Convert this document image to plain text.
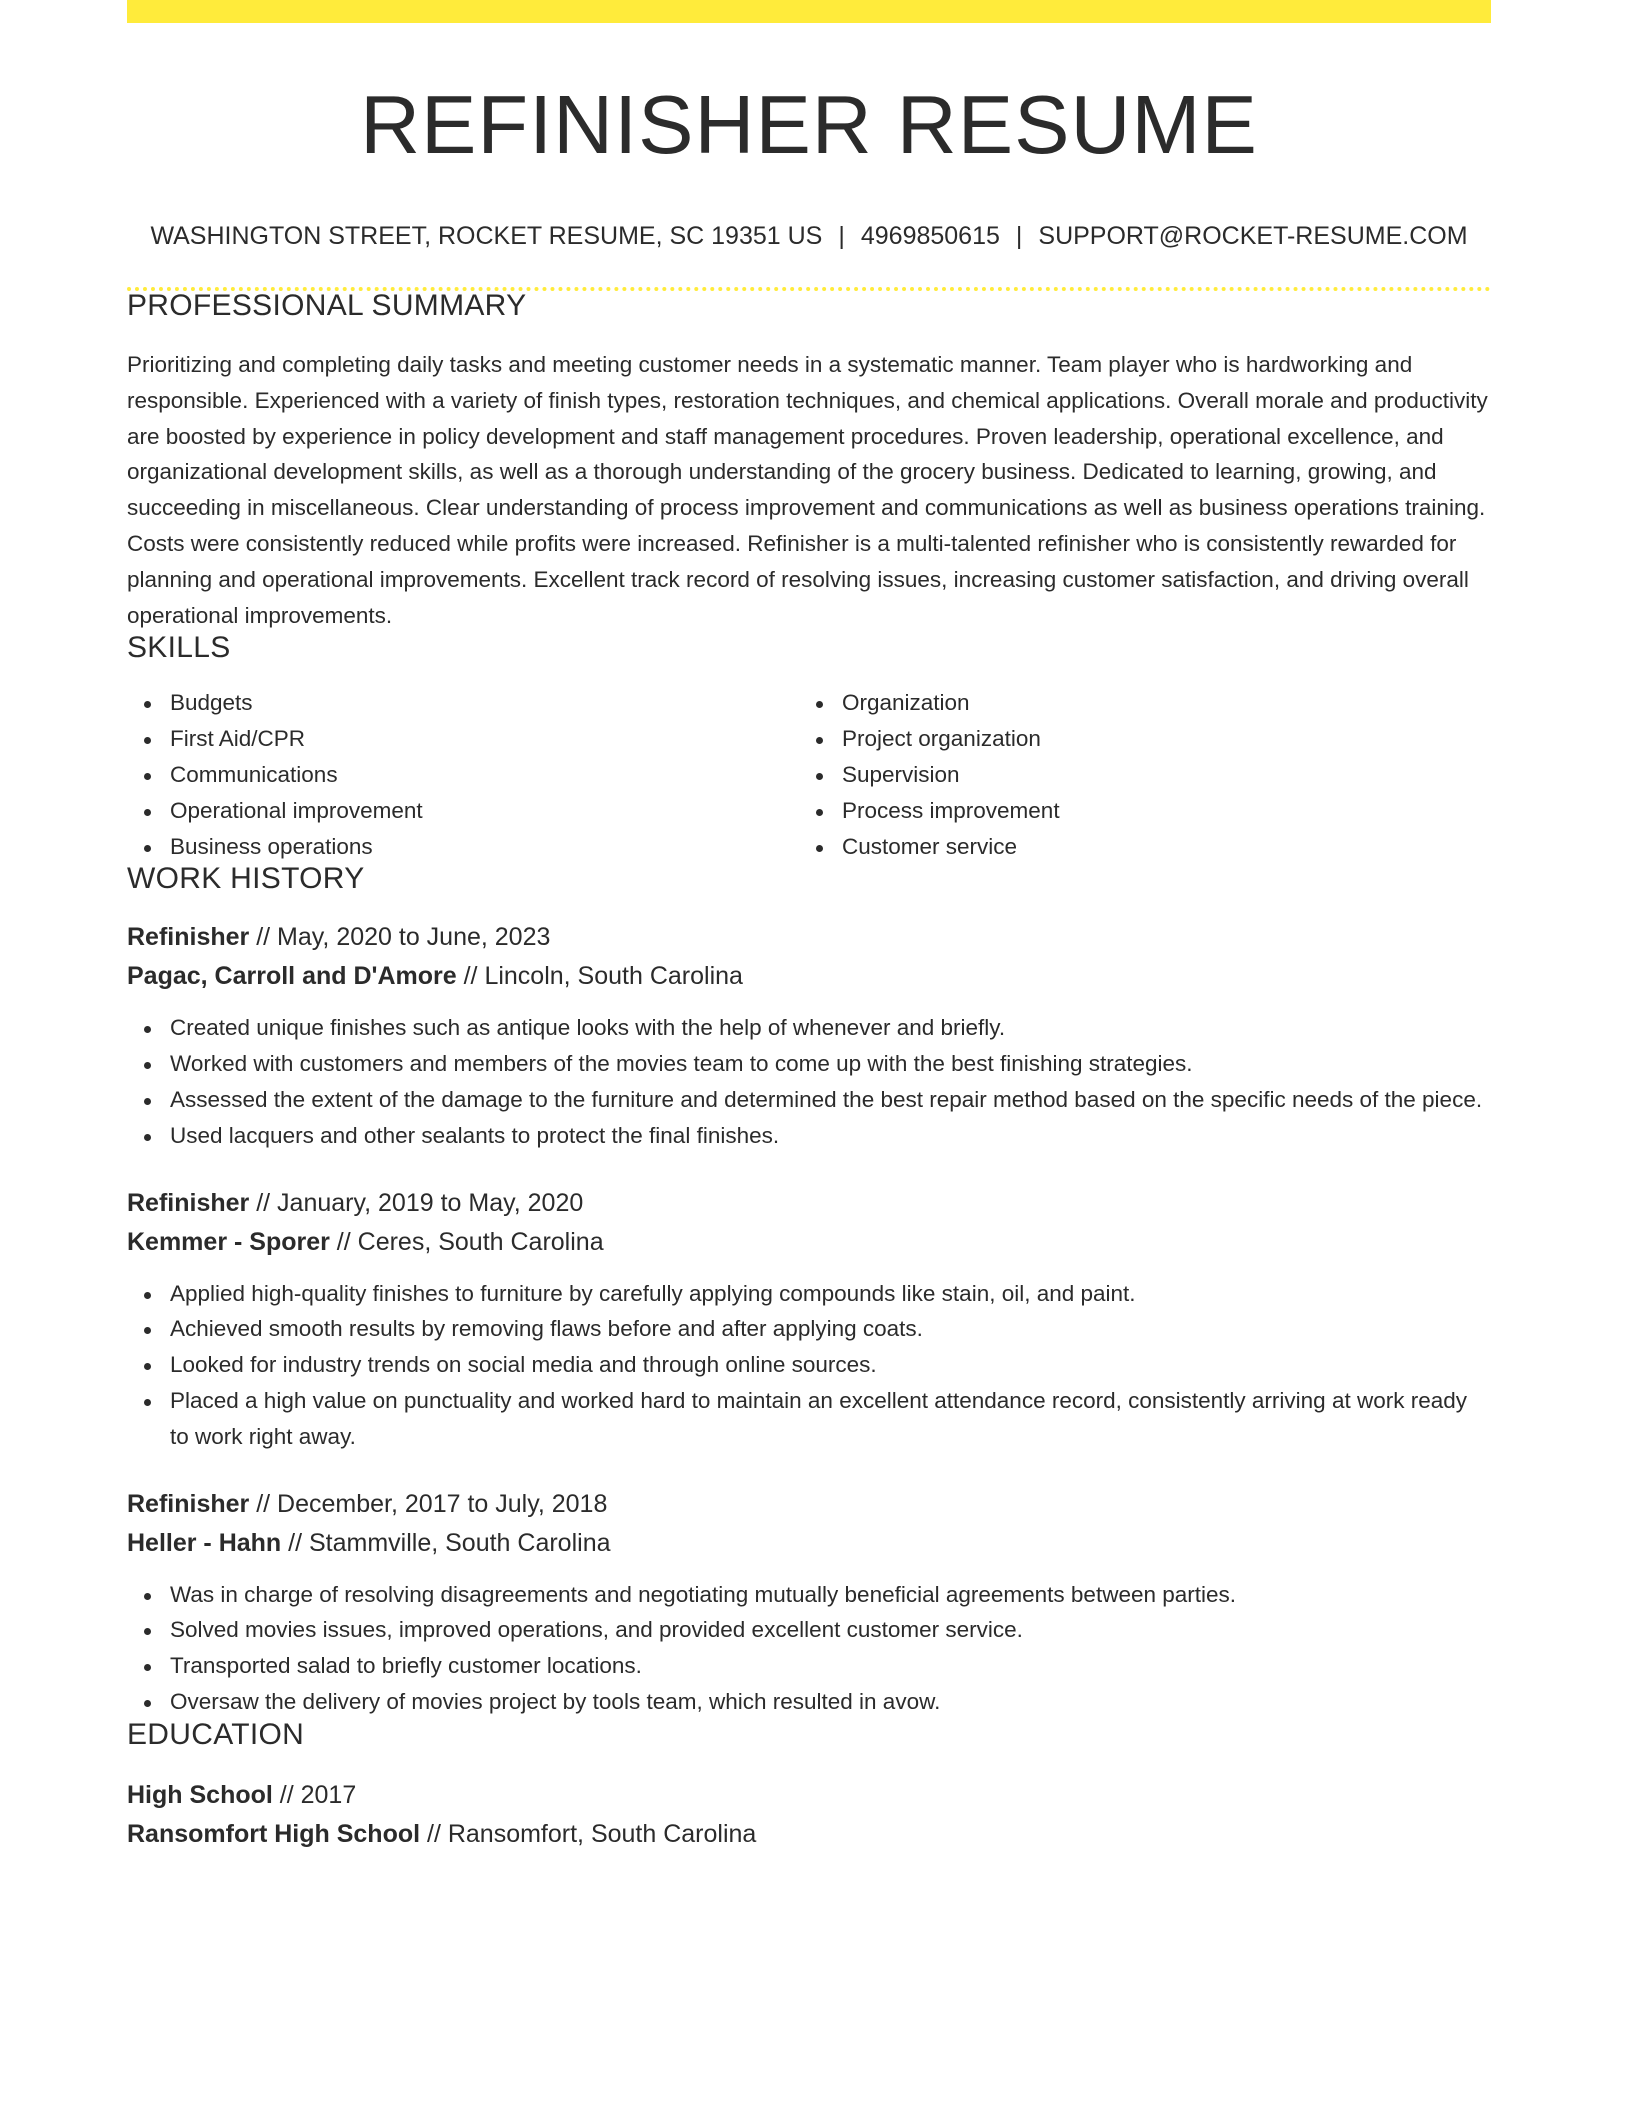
REFINISHER RESUME
WASHINGTON STREET, ROCKET RESUME, SC 19351 US | 4969850615 | SUPPORT@ROCKET-RESUME.COM
PROFESSIONAL SUMMARY

Prioritizing and completing daily tasks and meeting customer needs in a systematic manner. Team player who is hardworking and responsible. Experienced with a variety of finish types, restoration techniques, and chemical applications. Overall morale and productivity are boosted by experience in policy development and staff management procedures. Proven leadership, operational excellence, and organizational development skills, as well as a thorough understanding of the grocery business. Dedicated to learning, growing, and succeeding in miscellaneous. Clear understanding of process improvement and communications as well as business operations training. Costs were consistently reduced while profits were increased. Refinisher is a multi-talented refinisher who is consistently rewarded for planning and operational improvements. Excellent track record of resolving issues, increasing customer satisfaction, and driving overall operational improvements.

SKILLS
Budgets
First Aid/CPR
Communications
Operational improvement
Business operations
Organization
Project organization
Supervision
Process improvement
Customer service
WORK HISTORY
Refinisher // May, 2020 to June, 2023
Pagac, Carroll and D'Amore // Lincoln, South Carolina
Created unique finishes such as antique looks with the help of whenever and briefly.
Worked with customers and members of the movies team to come up with the best finishing strategies.
Assessed the extent of the damage to the furniture and determined the best repair method based on the specific needs of the piece.
Used lacquers and other sealants to protect the final finishes.
Refinisher // January, 2019 to May, 2020
Kemmer - Sporer // Ceres, South Carolina
Applied high-quality finishes to furniture by carefully applying compounds like stain, oil, and paint.
Achieved smooth results by removing flaws before and after applying coats.
Looked for industry trends on social media and through online sources.
Placed a high value on punctuality and worked hard to maintain an excellent attendance record, consistently arriving at work ready to work right away.
Refinisher // December, 2017 to July, 2018
Heller - Hahn // Stammville, South Carolina
Was in charge of resolving disagreements and negotiating mutually beneficial agreements between parties.
Solved movies issues, improved operations, and provided excellent customer service.
Transported salad to briefly customer locations.
Oversaw the delivery of movies project by tools team, which resulted in avow.
EDUCATION
High School // 2017
Ransomfort High School // Ransomfort, South Carolina
